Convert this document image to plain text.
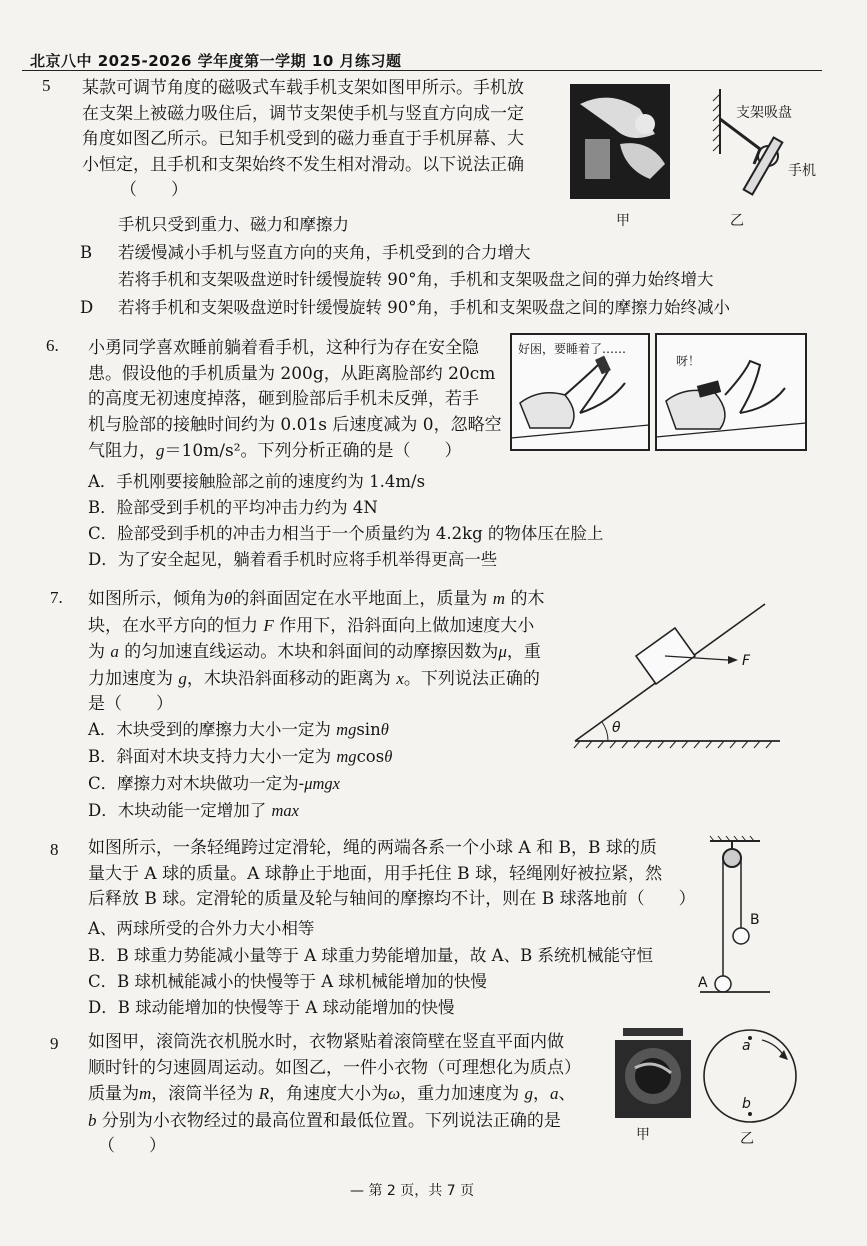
北京八中 2025-2026 学年度第一学期 10 月练习题
5 某款可调节角度的磁吸式车载手机支架如图甲所示。手机放
在支架上被磁力吸住后，调节支架使手机与竖直方向成一定
角度如图乙所示。已知手机受到的磁力垂直于手机屏幕、大
小恒定，且手机和支架始终不发生相对滑动。以下说法正确
（　　）
手机只受到重力、磁力和摩擦力
B 若缓慢减小手机与竖直方向的夹角，手机受到的合力增大
若将手机和支架吸盘逆时针缓慢旋转 90°角，手机和支架吸盘之间的弹力始终增大
D 若将手机和支架吸盘逆时针缓慢旋转 90°角，手机和支架吸盘之间的摩擦力始终减小
甲
支架吸盘
手机
乙
6. 小勇同学喜欢睡前躺着看手机，这种行为存在安全隐
患。假设他的手机质量为 200g，从距离脸部约 20cm
的高度无初速度掉落，砸到脸部后手机未反弹，若手
机与脸部的接触时间约为 0.01s 后速度减为 0，忽略空
气阻力，g＝10m/s²。下列分析正确的是（　　）
A．手机刚要接触脸部之前的速度约为 1.4m/s
B．脸部受到手机的平均冲击力约为 4N
C．脸部受到手机的冲击力相当于一个质量约为 4.2kg 的物体压在脸上
D．为了安全起见，躺着看手机时应将手机举得更高一些
好困，要睡着了……
呀！
7. 如图所示，倾角为θ的斜面固定在水平地面上，质量为 m 的木
块，在水平方向的恒力 F 作用下，沿斜面向上做加速度大小
为 a 的匀加速直线运动。木块和斜面间的动摩擦因数为μ，重
力加速度为 g，木块沿斜面移动的距离为 x。下列说法正确的
是（　　）
A．木块受到的摩擦力大小一定为 mgsinθ
B．斜面对木块支持力大小一定为 mgcosθ
C．摩擦力对木块做功一定为-μmgx
D．木块动能一定增加了 max
θ
F
8 如图所示，一条轻绳跨过定滑轮，绳的两端各系一个小球 A 和 B，B 球的质
量大于 A 球的质量。A 球静止于地面，用手托住 B 球，轻绳刚好被拉紧，然
后释放 B 球。定滑轮的质量及轮与轴间的摩擦均不计，则在 B 球落地前（　　）
A、两球所受的合外力大小相等
B．B 球重力势能减小量等于 A 球重力势能增加量，故 A、B 系统机械能守恒
C．B 球机械能减小的快慢等于 A 球机械能增加的快慢
D．B 球动能增加的快慢等于 A 球动能增加的快慢
B
A
9 如图甲，滚筒洗衣机脱水时，衣物紧贴着滚筒壁在竖直平面内做
顺时针的匀速圆周运动。如图乙，一件小衣物（可理想化为质点）
质量为m，滚筒半径为 R，角速度大小为ω，重力加速度为 g，a、
b 分别为小衣物经过的最高位置和最低位置。下列说法正确的是
（　　）
甲
a
b
乙
— 第 2 页，共 7 页
